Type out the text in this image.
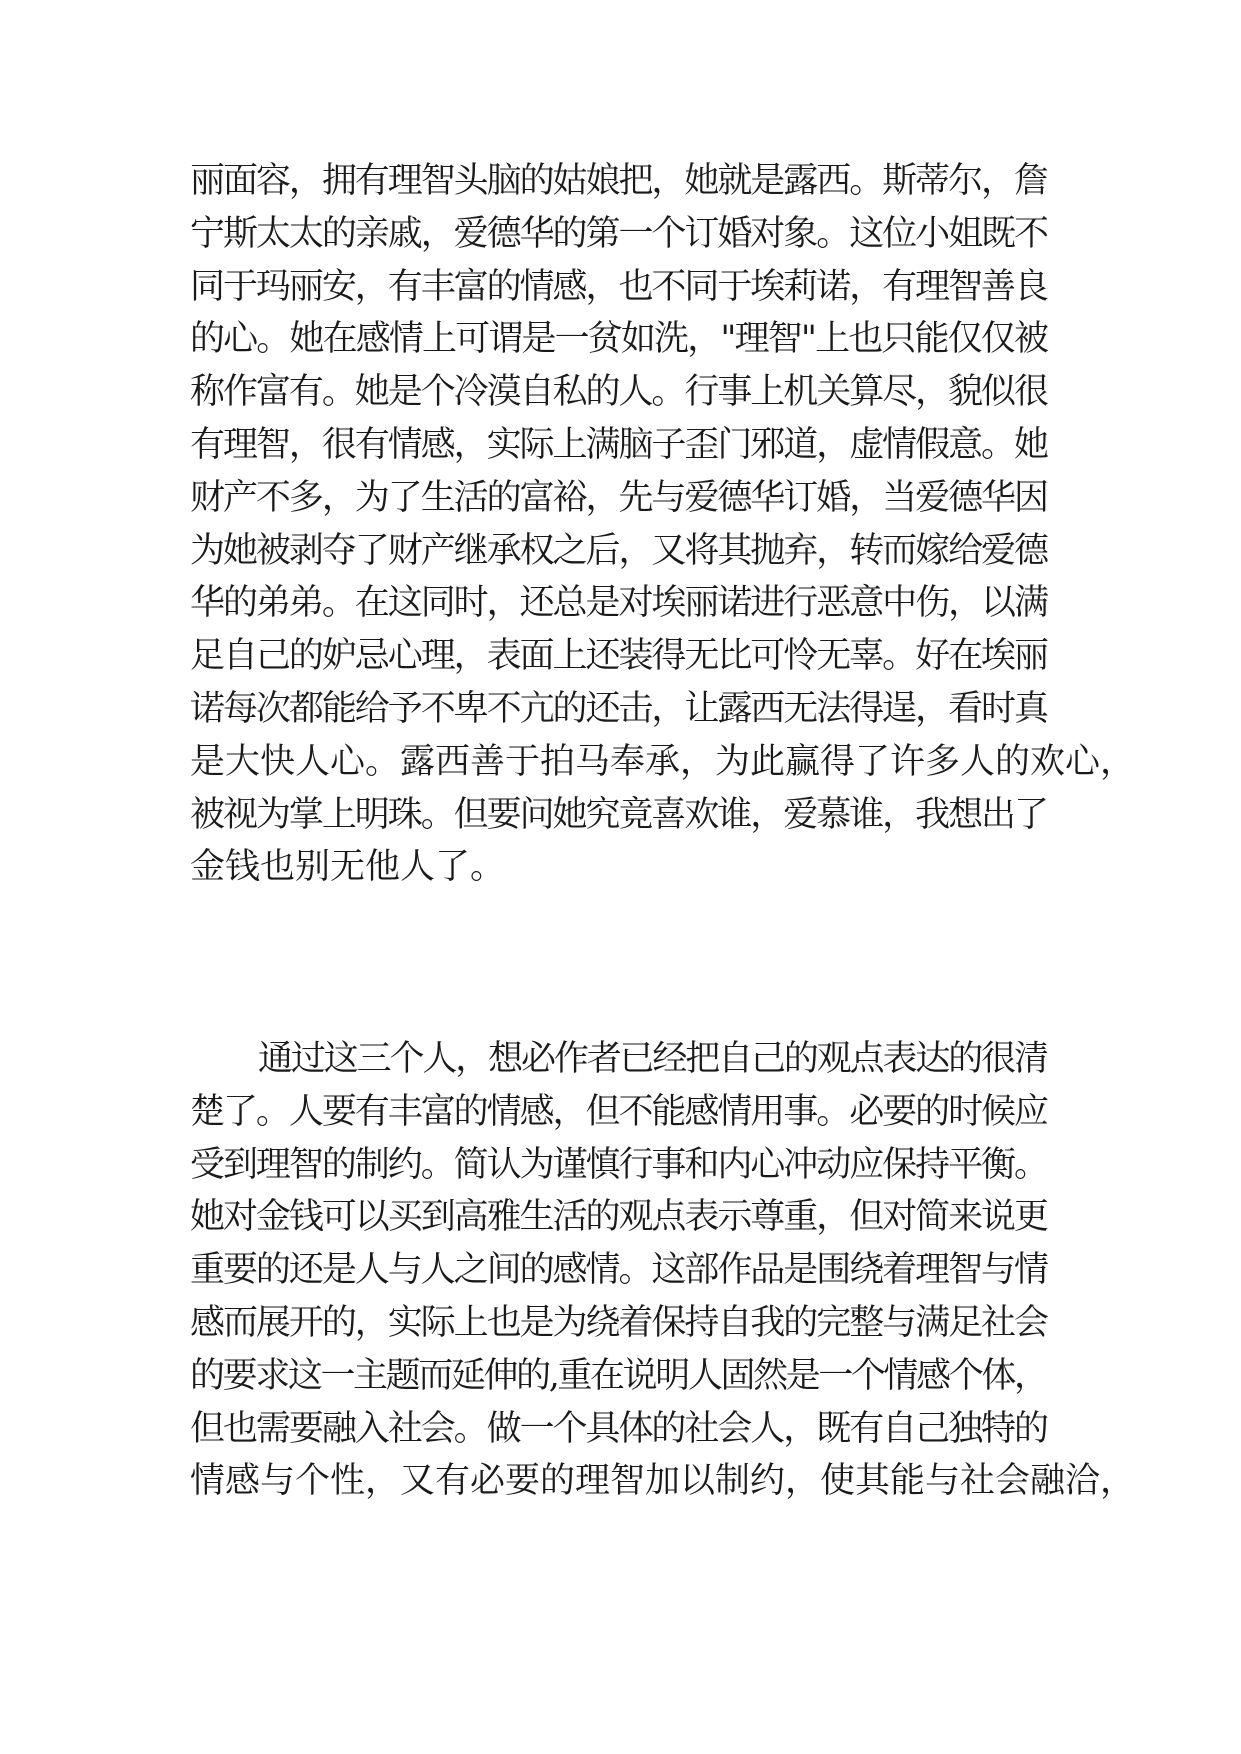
丽面容，拥有理智头脑的姑娘把，她就是露西。斯蒂尔，詹
宁斯太太的亲戚，爱德华的第一个订婚对象。这位小姐既不
同于玛丽安，有丰富的情感，也不同于埃莉诺，有理智善良
的心。她在感情上可谓是一贫如洗，"理智"上也只能仅仅被
称作富有。她是个冷漠自私的人。行事上机关算尽，貌似很
有理智，很有情感，实际上满脑子歪门邪道，虚情假意。她
财产不多，为了生活的富裕，先与爱德华订婚，当爱德华因
为她被剥夺了财产继承权之后，又将其抛弃，转而嫁给爱德
华的弟弟。在这同时，还总是对埃丽诺进行恶意中伤，以满
足自己的妒忌心理，表面上还装得无比可怜无辜。好在埃丽
诺每次都能给予不卑不亢的还击，让露西无法得逞，看时真
是大快人心。露西善于拍马奉承，为此赢得了许多人的欢心，
被视为掌上明珠。但要问她究竟喜欢谁，爱慕谁，我想出了
金钱也别无他人了。
通过这三个人，想必作者已经把自己的观点表达的很清
楚了。人要有丰富的情感，但不能感情用事。必要的时候应
受到理智的制约。简认为谨慎行事和内心冲动应保持平衡。
她对金钱可以买到高雅生活的观点表示尊重，但对简来说更
重要的还是人与人之间的感情。这部作品是围绕着理智与情
感而展开的，实际上也是为绕着保持自我的完整与满足社会
的要求这一主题而延伸的,重在说明人固然是一个情感个体，
但也需要融入社会。做一个具体的社会人，既有自己独特的
情感与个性，又有必要的理智加以制约，使其能与社会融洽，
